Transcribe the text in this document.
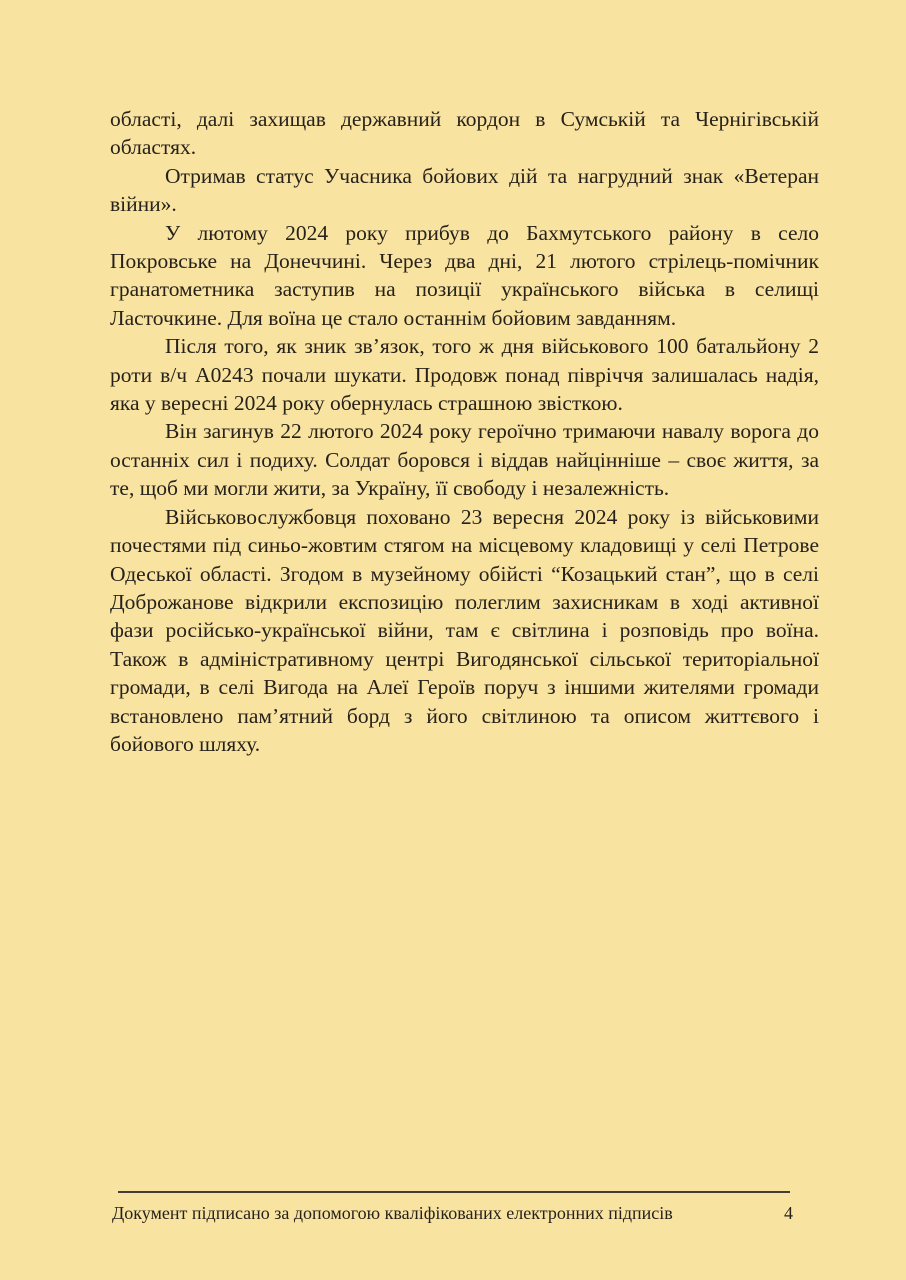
області, далі захищав державний кордон в Сумській та Чернігівській областях.

Отримав статус Учасника бойових дій та нагрудний знак «Ветеран війни».

У лютому 2024 року прибув до Бахмутського району в село Покровське на Донеччині. Через два дні, 21 лютого стрілець-помічник гранатометника заступив на позиції українського війська в селищі Ласточкине. Для воїна це стало останнім бойовим завданням.

Після того, як зник зв’язок, того ж дня військового 100 батальйону 2 роти в/ч А0243 почали шукати. Продовж понад півріччя залишалась надія, яка у вересні 2024 року обернулась страшною звісткою.

Він загинув 22 лютого 2024 року героїчно тримаючи навалу ворога до останніх сил і подиху. Солдат боровся і віддав найцінніше – своє життя, за те, щоб ми могли жити, за Україну, її свободу і незалежність.

Військовослужбовця поховано 23 вересня 2024 року із військовими почестями під синьо-жовтим стягом на місцевому кладовищі у селі Петрове Одеської області. Згодом в музейному обійсті “Козацький стан”, що в селі Доброжанове відкрили експозицію полеглим захисникам в ході активної фази російсько-української війни, там є світлина і розповідь про воїна. Також в адміністративному центрі Вигодянської сільської територіальної громади, в селі Вигода на Алеї Героїв поруч з іншими жителями громади встановлено пам’ятний борд з його світлиною та описом життєвого і бойового шляху.

Документ підписано за допомогою кваліфікованих електронних підписів	4
